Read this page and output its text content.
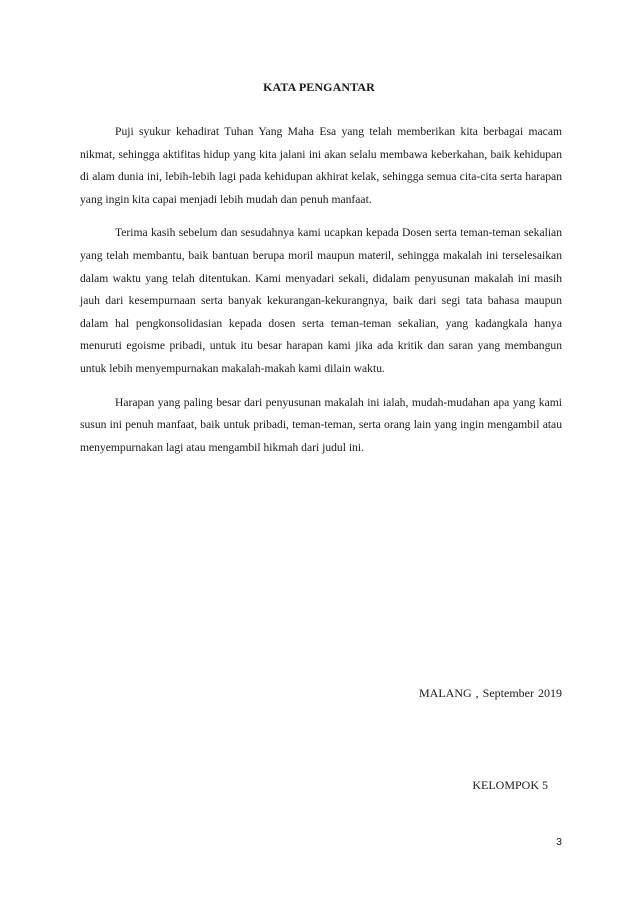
KATA PENGANTAR

Puji syukur kehadirat Tuhan Yang Maha Esa yang telah memberikan kita berbagai macam nikmat, sehingga aktifitas hidup yang kita jalani ini akan selalu membawa keberkahan, baik kehidupan di alam dunia ini, lebih-lebih lagi pada kehidupan akhirat kelak, sehingga semua cita-cita serta harapan yang ingin kita capai menjadi lebih mudah dan penuh manfaat.

Terima kasih sebelum dan sesudahnya kami ucapkan kepada Dosen serta teman-teman sekalian yang telah membantu, baik bantuan berupa moril maupun materil, sehingga makalah ini terselesaikan dalam waktu yang telah ditentukan. Kami menyadari sekali, didalam penyusunan makalah ini masih jauh dari kesempurnaan serta banyak kekurangan-kekurangnya, baik dari segi tata bahasa maupun dalam hal pengkonsolidasian kepada dosen serta teman-teman sekalian, yang kadangkala hanya menuruti egoisme pribadi, untuk itu besar harapan kami jika ada kritik dan saran yang membangun untuk lebih menyempurnakan makalah-makah kami dilain waktu.

Harapan yang paling besar dari penyusunan makalah ini ialah, mudah-mudahan apa yang kami susun ini penuh manfaat, baik untuk pribadi, teman-teman, serta orang lain yang ingin mengambil atau menyempurnakan lagi atau mengambil hikmah dari judul ini.

MALANG , September 2019
KELOMPOK 5
3
